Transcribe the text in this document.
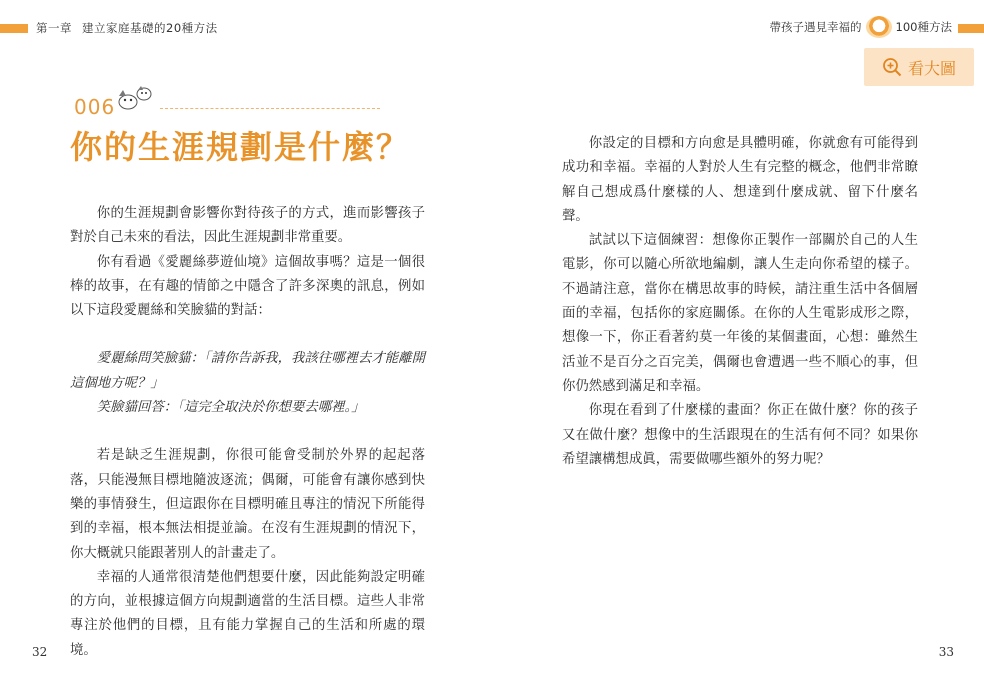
第一章 建立家庭基礎的20種方法	帶孩子遇見幸福的	100種方法
看大圖
006
你的生涯規劃是什麼？

你的生涯規劃會影響你對待孩子的方式，進而影響孩子對於自己未來的看法，因此生涯規劃非常重要。

你有看過《愛麗絲夢遊仙境》這個故事嗎？這是一個很棒的故事，在有趣的情節之中隱含了許多深奧的訊息，例如以下這段愛麗絲和笑臉貓的對話：

愛麗絲問笑臉貓：「請你告訴我，我該往哪裡去才能離開這個地方呢？」

笑臉貓回答：「這完全取決於你想要去哪裡。」

若是缺乏生涯規劃，你很可能會受制於外界的起起落落，只能漫無目標地隨波逐流；偶爾，可能會有讓你感到快樂的事情發生，但這跟你在目標明確且專注的情況下所能得到的幸福，根本無法相提並論。在沒有生涯規劃的情況下，你大概就只能跟著別人的計畫走了。

幸福的人通常很清楚他們想要什麼，因此能夠設定明確的方向，並根據這個方向規劃適當的生活目標。這些人非常專注於他們的目標，且有能力掌握自己的生活和所處的環境。

你設定的目標和方向愈是具體明確，你就愈有可能得到成功和幸福。幸福的人對於人生有完整的概念，他們非常瞭解自己想成爲什麼樣的人、想達到什麼成就、留下什麼名聲。

試試以下這個練習：想像你正製作一部關於自己的人生電影，你可以隨心所欲地編劇，讓人生走向你希望的樣子。不過請注意，當你在構思故事的時候，請注重生活中各個層面的幸福，包括你的家庭關係。在你的人生電影成形之際，想像一下，你正看著約莫一年後的某個畫面，心想：雖然生活並不是百分之百完美，偶爾也會遭遇一些不順心的事，但你仍然感到滿足和幸福。

你現在看到了什麼樣的畫面？你正在做什麼？你的孩子又在做什麼？想像中的生活跟現在的生活有何不同？如果你希望讓構想成眞，需要做哪些額外的努力呢？

32	33
